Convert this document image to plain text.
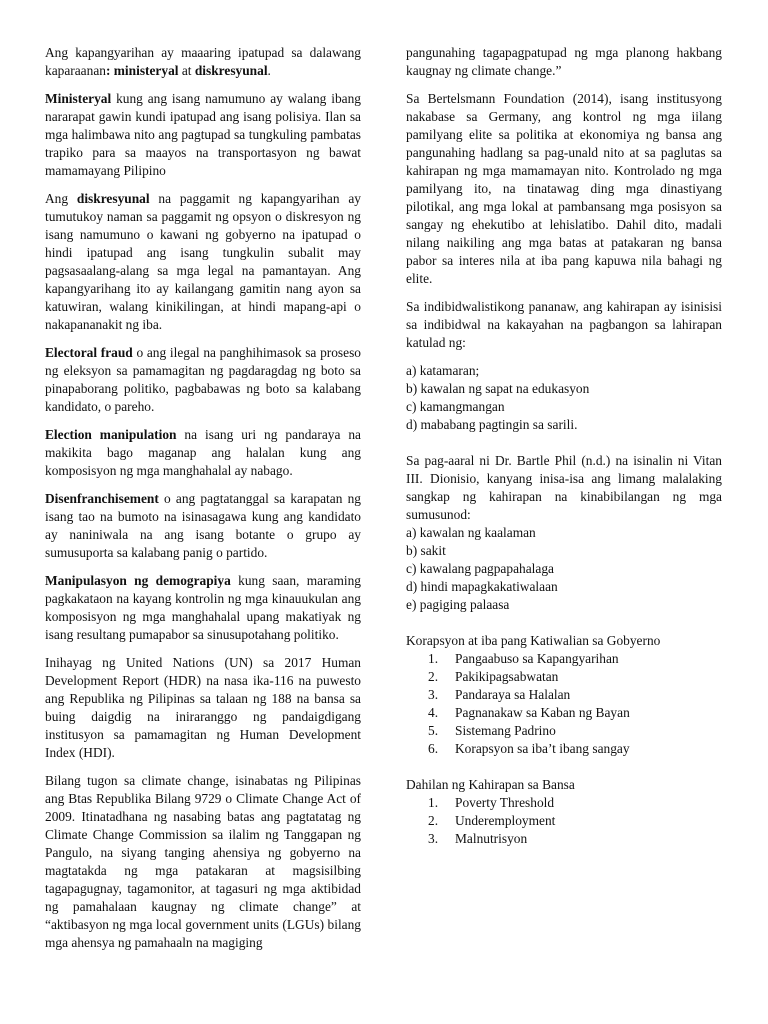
Ang kapangyarihan ay maaaring ipatupad sa dalawang kaparaanan: ministeryal at diskresyunal.

Ministeryal kung ang isang namumuno ay walang ibang nararapat gawin kundi ipatupad ang isang polisiya. Ilan sa mga halimbawa nito ang pagtupad sa tungkuling pambatas trapiko para sa maayos na transportasyon ng bawat mamamayang Pilipino

Ang diskresyunal na paggamit ng kapangyarihan ay tumutukoy naman sa paggamit ng opsyon o diskresyon ng isang namumuno o kawani ng gobyerno na ipatupad o hindi ipatupad ang isang tungkulin subalit may pagsasaalang-alang sa mga legal na pamantayan. Ang kapangyarihang ito ay kailangang gamitin nang ayon sa katuwiran, walang kinikilingan, at hindi mapang-api o nakapananakit ng iba.

Electoral fraud o ang ilegal na panghihimasok sa proseso ng eleksyon sa pamamagitan ng pagdaragdag ng boto sa pinapaborang politiko, pagbabawas ng boto sa kalabang kandidato, o pareho.

Election manipulation na isang uri ng pandaraya na makikita bago maganap ang halalan kung ang komposisyon ng mga manghahalal ay nabago.

Disenfranchisement o ang pagtatanggal sa karapatan ng isang tao na bumoto na isinasagawa kung ang kandidato ay naniniwala na ang isang botante o grupo ay sumusuporta sa kalabang panig o partido.

Manipulasyon ng demograpiya kung saan, maraming pagkakataon na kayang kontrolin ng mga kinauukulan ang komposisyon ng mga manghahalal upang makatiyak ng isang resultang pumapabor sa sinusupotahang politiko.

Inihayag ng United Nations (UN) sa 2017 Human Development Report (HDR) na nasa ika-116 na puwesto ang Republika ng Pilipinas sa talaan ng 188 na bansa sa buing daigdig na iniraranggo ng pandaigdigang institusyon sa pamamagitan ng Human Development Index (HDI).

Bilang tugon sa climate change, isinabatas ng Pilipinas ang Btas Republika Bilang 9729 o Climate Change Act of 2009. Itinatadhana ng nasabing batas ang pagtatatag ng Climate Change Commission sa ilalim ng Tanggapan ng Pangulo, na siyang tanging ahensiya ng gobyerno na magtatakda ng mga patakaran at magsisilbing tagapagugnay, tagamonitor, at tagasuri ng mga aktibidad ng pamahalaan kaugnay ng climate change” at “aktibasyon ng mga local government units (LGUs) bilang mga ahensya ng pamahaaln na magiging

pangunahing tagapagpatupad ng mga planong hakbang kaugnay ng climate change.”

Sa Bertelsmann Foundation (2014), isang institusyong nakabase sa Germany, ang kontrol ng mga iilang pamilyang elite sa politika at ekonomiya ng bansa ang pangunahing hadlang sa pag-unald nito at sa paglutas sa kahirapan ng mga mamamayan nito. Kontrolado ng mga pamilyang ito, na tinatawag ding mga dinastiyang pilotikal, ang mga lokal at pambansang mga posisyon sa sangay ng ehekutibo at lehislatibo. Dahil dito, madali nilang naikiling ang mga batas at patakaran ng bansa pabor sa interes nila at iba pang kapuwa nila bahagi ng elite.

Sa indibidwalistikong pananaw, ang kahirapan ay isinisisi sa indibidwal na kakayahan na pagbangon sa lahirapan katulad ng:

a) katamaran;
b) kawalan ng sapat na edukasyon
c) kamangmangan
d) mababang pagtingin sa sarili.

Sa pag-aaral ni Dr. Bartle Phil (n.d.) na isinalin ni Vitan III. Dionisio, kanyang inisa-isa ang limang malalaking sangkap ng kahirapan na kinabibilangan ng mga sumusunod:

a) kawalan ng kaalaman
b) sakit
c) kawalang pagpapahalaga
d) hindi mapagkakatiwalaan
e) pagiging palaasa
Korapsyon at iba pang Katiwalian sa Gobyerno
1. Pangaabuso sa Kapangyarihan
2. Pakikipagsabwatan
3. Pandaraya sa Halalan
4. Pagnanakaw sa Kaban ng Bayan
5. Sistemang Padrino
6. Korapsyon sa iba’t ibang sangay
Dahilan ng Kahirapan sa Bansa
1. Poverty Threshold
2. Underemployment
3. Malnutrisyon
